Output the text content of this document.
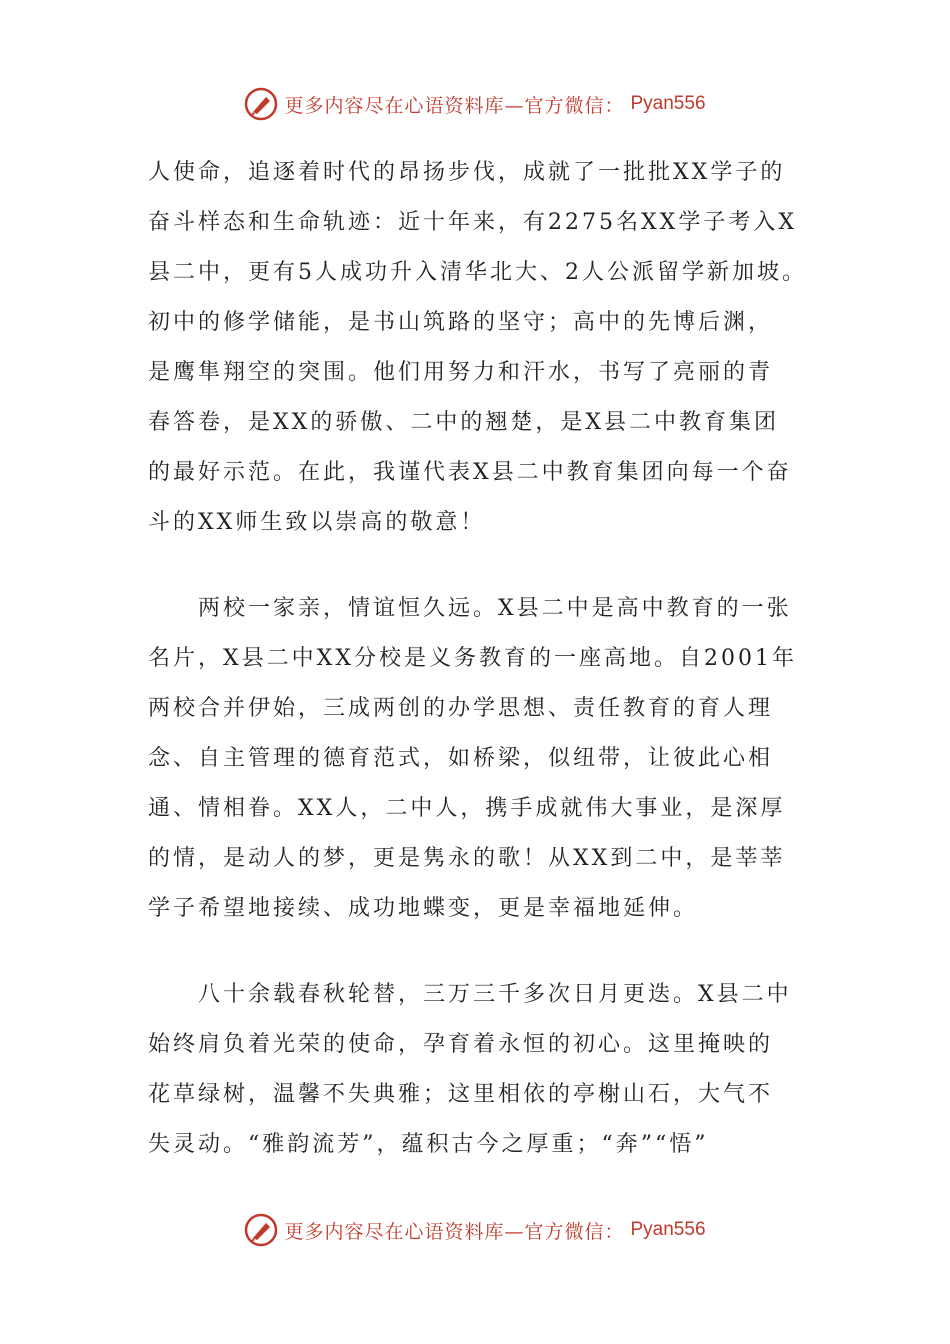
更多内容尽在心语资料库—官方微信： Pyan556
人使命，追逐着时代的昂扬步伐，成就了一批批XX学子的
奋斗样态和生命轨迹：近十年来，有2275名XX学子考入X
县二中，更有5人成功升入清华北大、2人公派留学新加坡。
初中的修学储能，是书山筑路的坚守；高中的先博后渊，
是鹰隼翔空的突围。他们用努力和汗水，书写了亮丽的青
春答卷，是XX的骄傲、二中的翘楚，是X县二中教育集团
的最好示范。在此，我谨代表X县二中教育集团向每一个奋
斗的XX师生致以崇高的敬意！
　　两校一家亲，情谊恒久远。X县二中是高中教育的一张
名片，X县二中XX分校是义务教育的一座高地。自2001年
两校合并伊始，三成两创的办学思想、责任教育的育人理
念、自主管理的德育范式，如桥梁，似纽带，让彼此心相
通、情相眷。XX人，二中人，携手成就伟大事业，是深厚
的情，是动人的梦，更是隽永的歌！从XX到二中，是莘莘
学子希望地接续、成功地蝶变，更是幸福地延伸。
　　八十余载春秋轮替，三万三千多次日月更迭。X县二中
始终肩负着光荣的使命，孕育着永恒的初心。这里掩映的
花草绿树，温馨不失典雅；这里相依的亭榭山石，大气不
失灵动。“雅韵流芳”，蕴积古今之厚重；“奔”“悟”
更多内容尽在心语资料库—官方微信： Pyan556
